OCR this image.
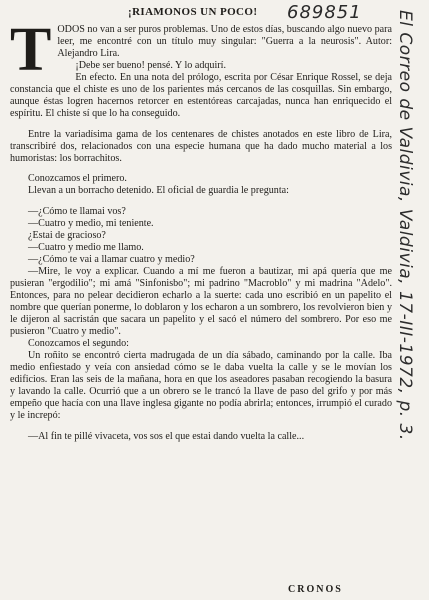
¡RIAMONOS UN POCO! 689851

TODOS no van a ser puros problemas. Uno de estos días, buscando algo nuevo para leer, me encontré con un título muy singular: "Guerra a la neurosis". Autor: Alejandro Lira.

¡Debe ser bueno! pensé. Y lo adquirí.

En efecto. En una nota del prólogo, escrita por César Enrique Rossel, se deja constancia que el chiste es uno de los parientes más cercanos de las cosquillas. Sin embargo, aunque éstas logren hacernos retorcer en estentóreas carcajadas, nunca han enriquecido el espíritu. El chiste sí que lo ha conseguido.

Entre la variadísima gama de los centenares de chistes anotados en este libro de Lira, transcribiré dos, relacionados con una especie humana que ha dado mucho material a los humoristas: los borrachitos.

Conozcamos el primero.

Llevan a un borracho detenido. El oficial de guardia le pregunta:

—¿Cómo te llamai vos?

—Cuatro y medio, mi teniente.

¿Estai de gracioso?

—Cuatro y medio me llamo.

—¿Cómo te vai a llamar cuatro y medio?

—Mire, le voy a explicar. Cuando a mí me fueron a bautizar, mi apá quería que me pusieran "ergodilio"; mi amá "Sinfonisbo"; mi padrino "Macroblo" y mi madrina "Adelo". Entonces, para no pelear decidieron echarlo a la suerte: cada uno escribió en un papelito el nombre que querían ponerme, lo doblaron y los echaron a un sombrero, los revolvieron bien y le dijeron al sacristán que sacara un papelito y el sacó el número del sombrero. Por eso me pusieron "Cuatro y medio".

Conozcamos el segundo:

Un roñito se encontró cierta madrugada de un día sábado, caminando por la calle. Iba medio enfiestado y veía con ansiedad cómo se le daba vuelta la calle y se le movían los edificios. Eran las seis de la mañana, hora en que los aseadores pasaban recogiendo la basura y lavando la calle. Ocurrió que a un obrero se le trancó la llave de paso del grifo y por más empeño que hacía con una llave inglesa gigante no podía abrirla; entonces, irrumpió el curado y le increpó:

—Al fin te pillé vivaceta, vos sos el que estai dando vuelta la calle...

CRONOS
El Correo de Valdivia, Valdivia, 17-III-1972, p. 3.
